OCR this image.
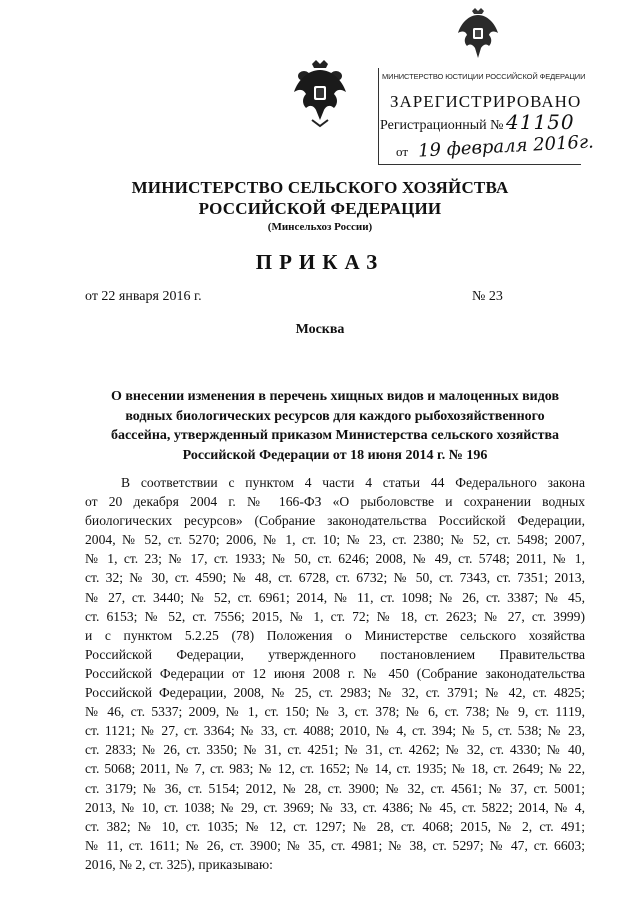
МИНИСТЕРСТВО ЮСТИЦИИ РОССИЙСКОЙ ФЕДЕРАЦИИ
ЗАРЕГИСТРИРОВАНО
Регистрационный № 41150
от 19 февраля 2016г.
МИНИСТЕРСТВО СЕЛЬСКОГО ХОЗЯЙСТВА
РОССИЙСКОЙ ФЕДЕРАЦИИ
(Минсельхоз России)
ПРИКАЗ
от 22 января 2016 г.	№ 23
Москва
О внесении изменения в перечень хищных видов и малоценных видов
водных биологических ресурсов для каждого рыбохозяйственного
бассейна, утвержденный приказом Министерства сельского хозяйства
Российской Федерации от 18 июня 2014 г. № 196
В соответствии с пунктом 4 части 4 статьи 44 Федерального закона
от 20 декабря 2004 г. № 166-ФЗ «О рыболовстве и сохранении водных
биологических ресурсов» (Собрание законодательства Российской Федерации,
2004, № 52, ст. 5270; 2006, № 1, ст. 10; № 23, ст. 2380; № 52, ст. 5498; 2007,
№ 1, ст. 23; № 17, ст. 1933; № 50, ст. 6246; 2008, № 49, ст. 5748; 2011, № 1,
ст. 32; № 30, ст. 4590; № 48, ст. 6728, ст. 6732; № 50, ст. 7343, ст. 7351; 2013,
№ 27, ст. 3440; № 52, ст. 6961; 2014, № 11, ст. 1098; № 26, ст. 3387; № 45,
ст. 6153; № 52, ст. 7556; 2015, № 1, ст. 72; № 18, ст. 2623; № 27, ст. 3999)
и с пунктом 5.2.25 (78) Положения о Министерстве сельского хозяйства
Российской Федерации, утвержденного постановлением Правительства
Российской Федерации от 12 июня 2008 г. № 450 (Собрание законодательства
Российской Федерации, 2008, № 25, ст. 2983; № 32, ст. 3791; № 42, ст. 4825;
№ 46, ст. 5337; 2009, № 1, ст. 150; № 3, ст. 378; № 6, ст. 738; № 9, ст. 1119,
ст. 1121; № 27, ст. 3364; № 33, ст. 4088; 2010, № 4, ст. 394; № 5, ст. 538; № 23,
ст. 2833; № 26, ст. 3350; № 31, ст. 4251; № 31, ст. 4262; № 32, ст. 4330; № 40,
ст. 5068; 2011, № 7, ст. 983; № 12, ст. 1652; № 14, ст. 1935; № 18, ст. 2649; № 22,
ст. 3179; № 36, ст. 5154; 2012, № 28, ст. 3900; № 32, ст. 4561; № 37, ст. 5001;
2013, № 10, ст. 1038; № 29, ст. 3969; № 33, ст. 4386; № 45, ст. 5822; 2014, № 4,
ст. 382; № 10, ст. 1035; № 12, ст. 1297; № 28, ст. 4068; 2015, № 2, ст. 491;
№ 11, ст. 1611; № 26, ст. 3900; № 35, ст. 4981; № 38, ст. 5297; № 47, ст. 6603;
2016, № 2, ст. 325), приказываю:
